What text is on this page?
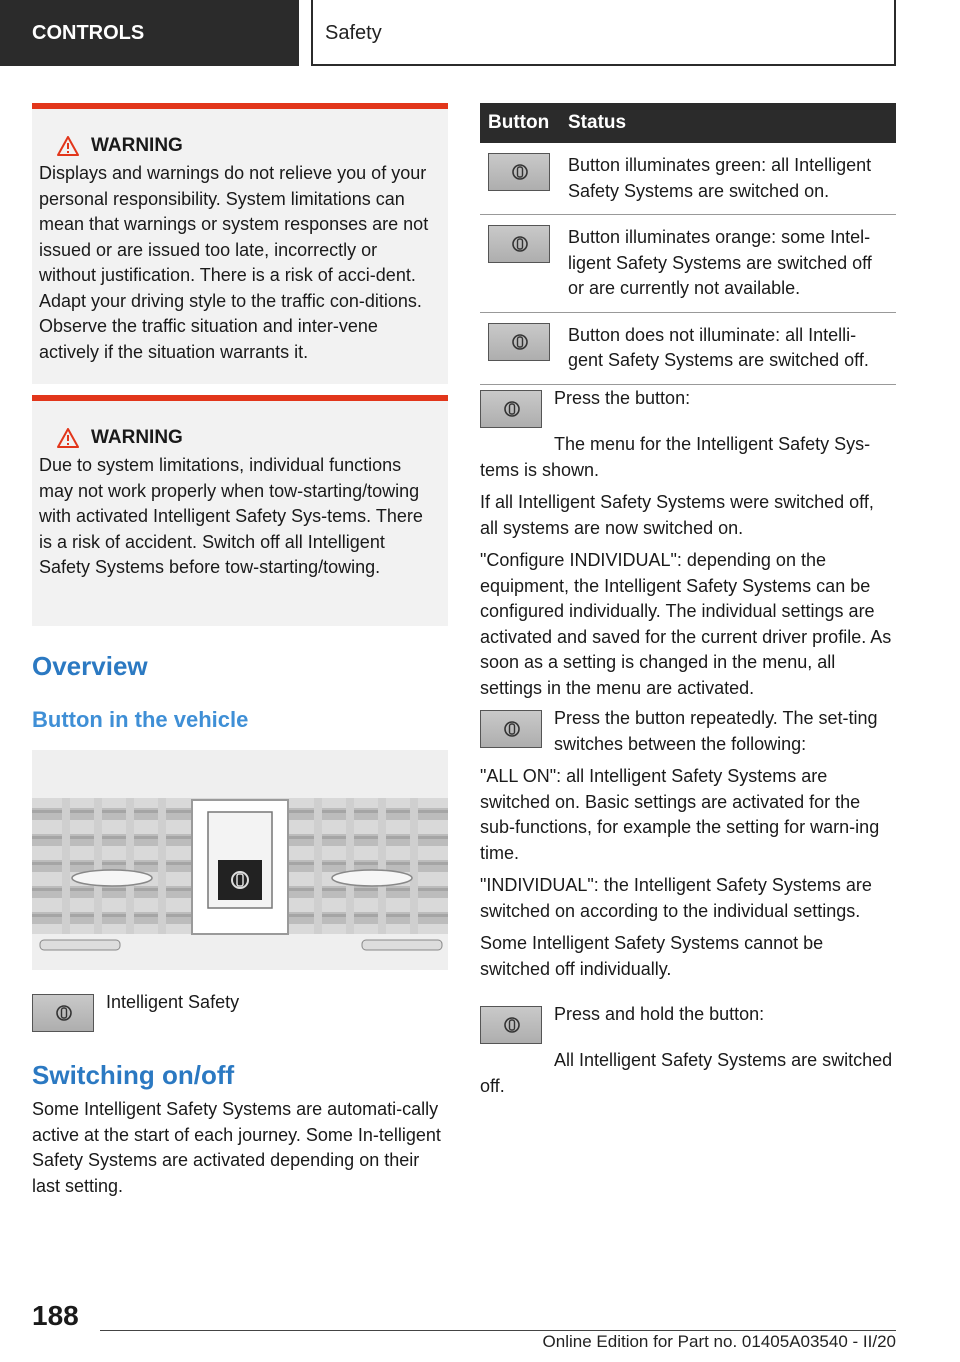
CONTROLS	Safety
WARNING
Displays and warnings do not relieve you of your personal responsibility. System limitations can mean that warnings or system responses are not issued or are issued too late, incorrectly or without justification. There is a risk of acci-dent. Adapt your driving style to the traffic con-ditions. Observe the traffic situation and inter-vene actively if the situation warrants it.
WARNING
Due to system limitations, individual functions may not work properly when tow-starting/towing with activated Intelligent Safety Sys-tems. There is a risk of accident. Switch off all Intelligent Safety Systems before tow-starting/towing.
Overview
Button in the vehicle
Intelligent Safety
Switching on/off
Some Intelligent Safety Systems are automati-cally active at the start of each journey. Some In-telligent Safety Systems are activated depending on their last setting.
Button	Status

	Button illuminates green: all Intelligent Safety Systems are switched on.

	Button illuminates orange: some Intel-ligent Safety Systems are switched off or are currently not available.

	Button does not illuminate: all Intelli-gent Safety Systems are switched off.
Press the button:
The menu for the Intelligent Safety Sys-tems is shown.
If all Intelligent Safety Systems were switched off, all systems are now switched on.
"Configure INDIVIDUAL": depending on the equipment, the Intelligent Safety Systems can be configured individually. The individual settings are activated and saved for the current driver profile. As soon as a setting is changed in the menu, all settings in the menu are activated.
Press the button repeatedly. The set-ting switches between the following:
"ALL ON": all Intelligent Safety Systems are switched on. Basic settings are activated for the sub-functions, for example the setting for warn-ing time.
"INDIVIDUAL": the Intelligent Safety Systems are switched on according to the individual settings.
Some Intelligent Safety Systems cannot be switched off individually.
Press and hold the button:
All Intelligent Safety Systems are switched off.
188
Online Edition for Part no. 01405A03540 - II/20
